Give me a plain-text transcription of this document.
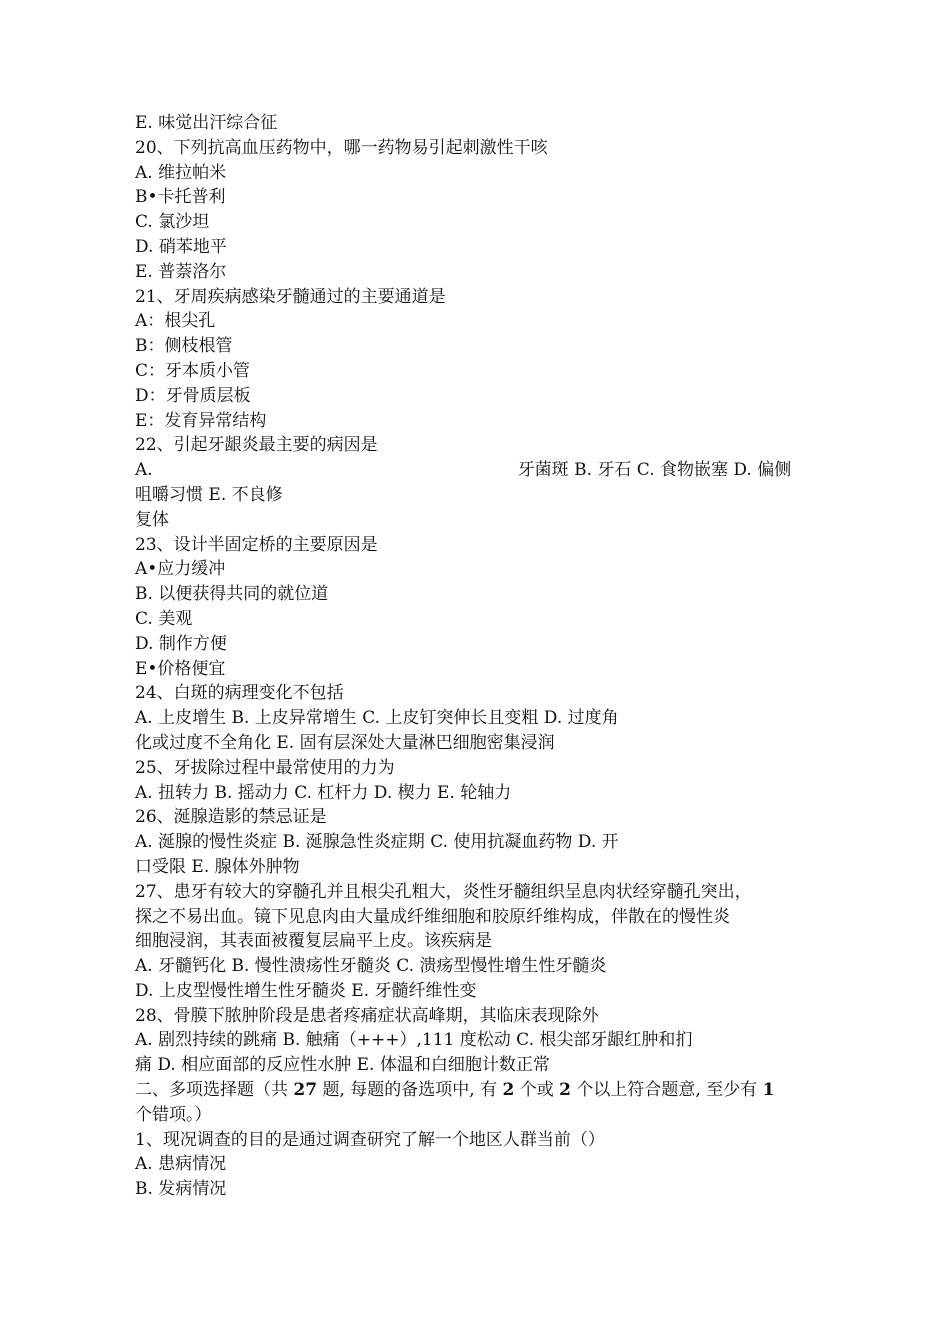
E. 味觉出汗综合征
20、下列抗高血压药物中，哪一药物易引起刺激性干咳
A. 维拉帕米
B•卡托普利
C. 氯沙坦
D. 硝苯地平
E. 普萘洛尔
21、牙周疾病感染牙髓通过的主要通道是
A：根尖孔
B：侧枝根管
C：牙本质小管
D：牙骨质层板
E：发育异常结构
22、引起牙龈炎最主要的病因是
A.	牙菌斑 B. 牙石 C. 食物嵌塞 D. 偏侧
咀嚼习惯 E. 不良修
复体
23、设计半固定桥的主要原因是
A•应力缓冲
B. 以便获得共同的就位道
C. 美观
D. 制作方便
E•价格便宜
24、白斑的病理变化不包括
A. 上皮增生 B. 上皮异常增生 C. 上皮钉突伸长且变粗 D. 过度角
化或过度不全角化 E. 固有层深处大量淋巴细胞密集浸润
25、牙拔除过程中最常使用的力为
A. 扭转力 B. 摇动力 C. 杠杆力 D. 楔力 E. 轮轴力
26、涎腺造影的禁忌证是
A. 涎腺的慢性炎症 B. 涎腺急性炎症期 C. 使用抗凝血药物 D. 开
口受限 E. 腺体外肿物
27、患牙有较大的穿髓孔并且根尖孔粗大，炎性牙髓组织呈息肉状经穿髓孔突出，
探之不易出血。镜下见息肉由大量成纤维细胞和胶原纤维构成，伴散在的慢性炎
细胞浸润，其表面被覆复层扁平上皮。该疾病是
A. 牙髓钙化 B. 慢性溃疡性牙髓炎 C. 溃疡型慢性增生性牙髓炎
D. 上皮型慢性增生性牙髓炎 E. 牙髓纤维性变
28、骨膜下脓肿阶段是患者疼痛症状高峰期，其临床表现除外
A. 剧烈持续的跳痛 B. 触痛（+++）,111 度松动 C. 根尖部牙龈红肿和扪
痛 D. 相应面部的反应性水肿 E. 体温和白细胞计数正常
二、多项选择题（共 27 题, 每题的备选项中, 有 2 个或 2 个以上符合题意, 至少有 1
个错项。）
1、现况调查的目的是通过调查研究了解一个地区人群当前（）
A. 患病情况
B. 发病情况
